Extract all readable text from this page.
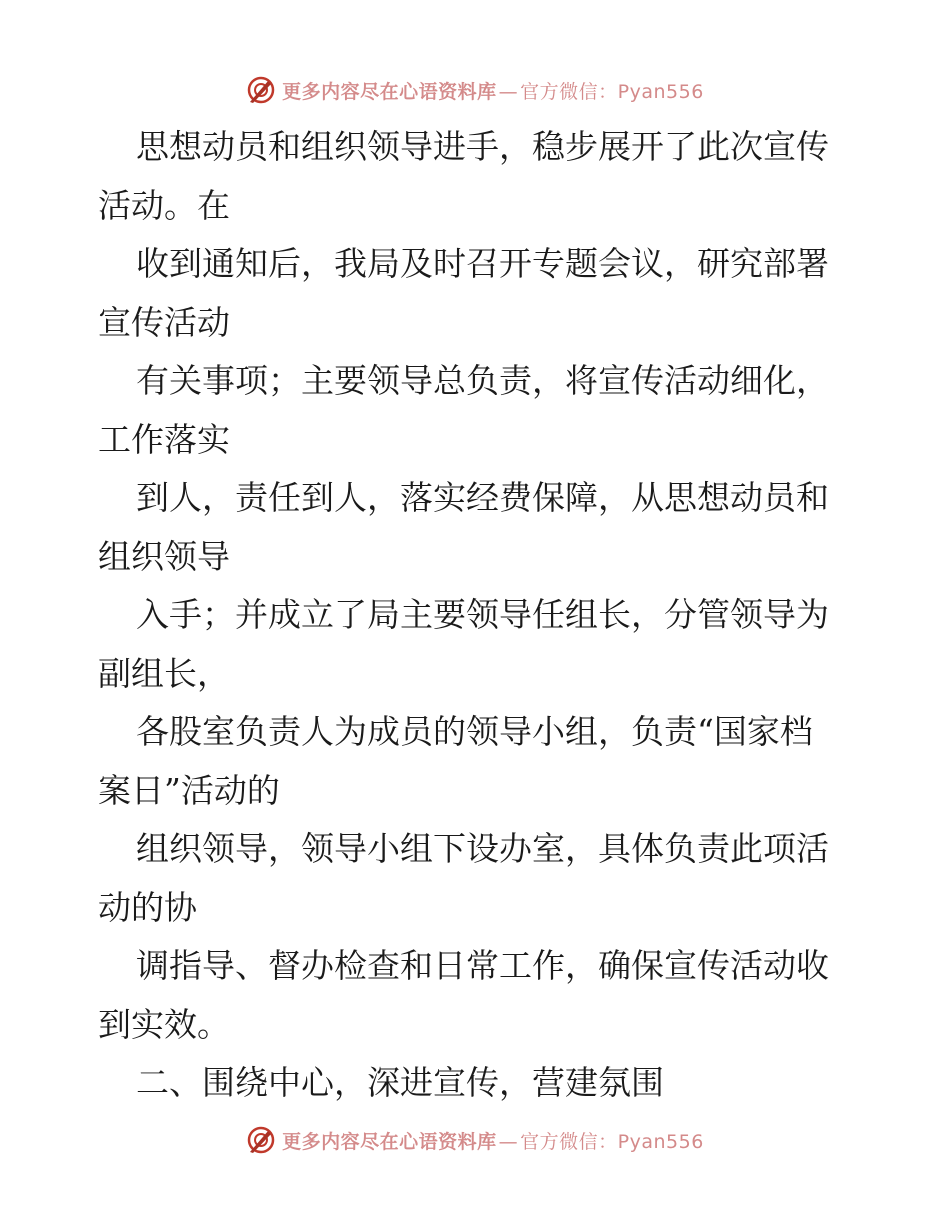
更多内容尽在心语资料库 — 官方微信：Pyan556
思想动员和组织领导进手，稳步展开了此次宣传
活动。在
收到通知后，我局及时召开专题会议，研究部署
宣传活动
有关事项；主要领导总负责，将宣传活动细化，
工作落实
到人，责任到人，落实经费保障，从思想动员和
组织领导
入手；并成立了局主要领导任组长，分管领导为
副组长，
各股室负责人为成员的领导小组，负责“国家档
案日”活动的
组织领导，领导小组下设办室，具体负责此项活
动的协
调指导、督办检查和日常工作，确保宣传活动收
到实效。
二、围绕中心，深进宣传，营建氛围
更多内容尽在心语资料库 — 官方微信：Pyan556
